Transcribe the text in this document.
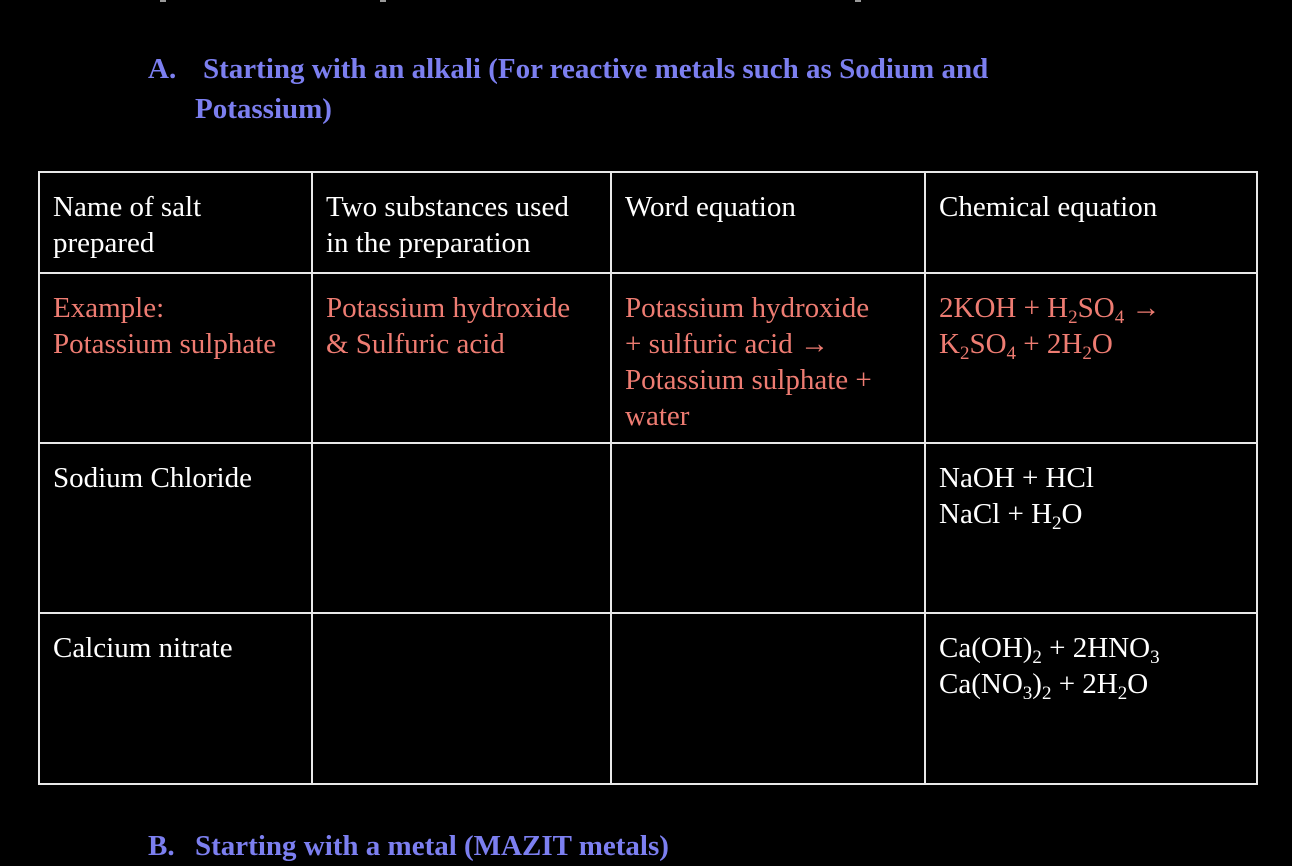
A. Starting with an alkali (For reactive metals such as Sodium and
Potassium)
Name of salt
prepared	Two substances used
in the preparation	Word equation	Chemical equation

Example:
Potassium sulphate	Potassium hydroxide
& Sulfuric acid	Potassium hydroxide
+ sulfuric acid →
Potassium sulphate +
water	$2KOH + H_2SO_4$ →
$K_2SO_4 + 2H_2O$

Sodium Chloride			NaOH + HCl
NaCl + $H_2O$

Calcium nitrate			$Ca(OH)_2 + 2HNO_3$
$Ca(NO_3)_2 + 2H_2O$
B. Starting with a metal (MAZIT metals)
